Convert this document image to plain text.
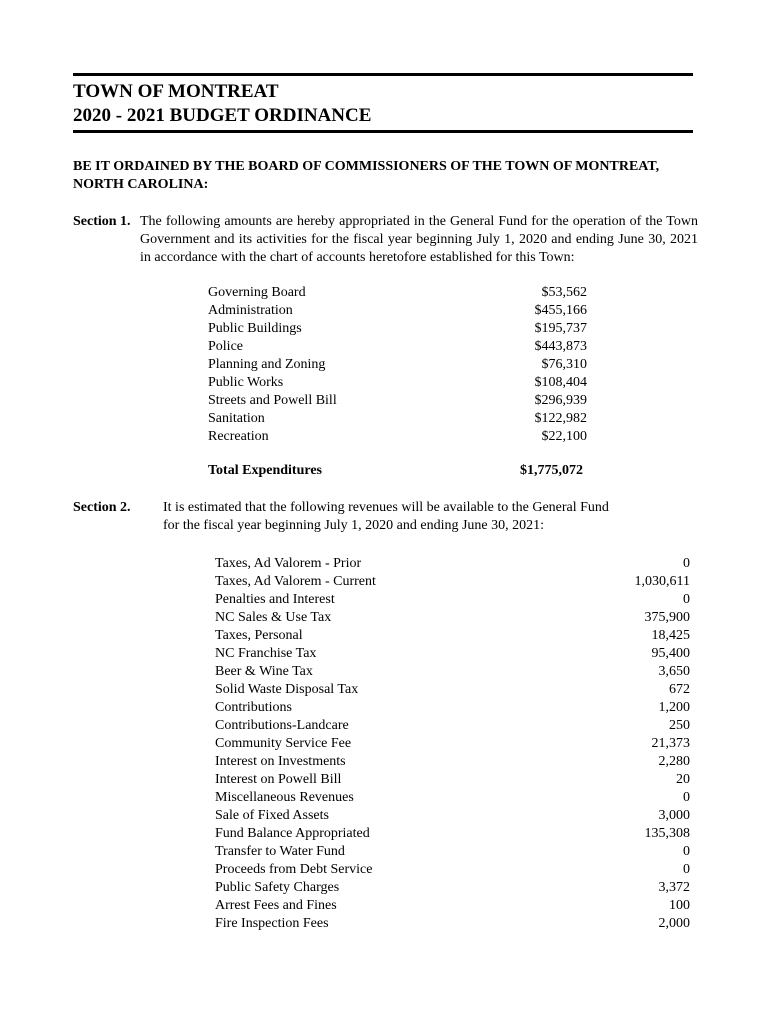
TOWN OF MONTREAT
2020 - 2021 BUDGET ORDINANCE
BE IT ORDAINED BY THE BOARD OF COMMISSIONERS OF THE TOWN OF MONTREAT, NORTH CAROLINA:
Section 1. The following amounts are hereby appropriated in the General Fund for the operation of the Town Government and its activities for the fiscal year beginning July 1, 2020 and ending June 30, 2021 in accordance with the chart of accounts heretofore established for this Town:
Governing Board	$53,562
Administration	$455,166
Public Buildings	$195,737
Police	$443,873
Planning and Zoning	$76,310
Public Works	$108,404
Streets and Powell Bill	$296,939
Sanitation	$122,982
Recreation	$22,100
Total Expenditures	$1,775,072
Section 2. It is estimated that the following revenues will be available to the General Fund for the fiscal year beginning July 1, 2020 and ending June 30, 2021:
Taxes, Ad Valorem - Prior	0
Taxes, Ad Valorem - Current	1,030,611
Penalties and Interest	0
NC Sales & Use Tax	375,900
Taxes, Personal	18,425
NC Franchise Tax	95,400
Beer & Wine Tax	3,650
Solid Waste Disposal Tax	672
Contributions	1,200
Contributions-Landcare	250
Community Service Fee	21,373
Interest on Investments	2,280
Interest on Powell Bill	20
Miscellaneous Revenues	0
Sale of Fixed Assets	3,000
Fund Balance Appropriated	135,308
Transfer to Water Fund	0
Proceeds from Debt Service	0
Public Safety Charges	3,372
Arrest Fees and Fines	100
Fire Inspection Fees	2,000
